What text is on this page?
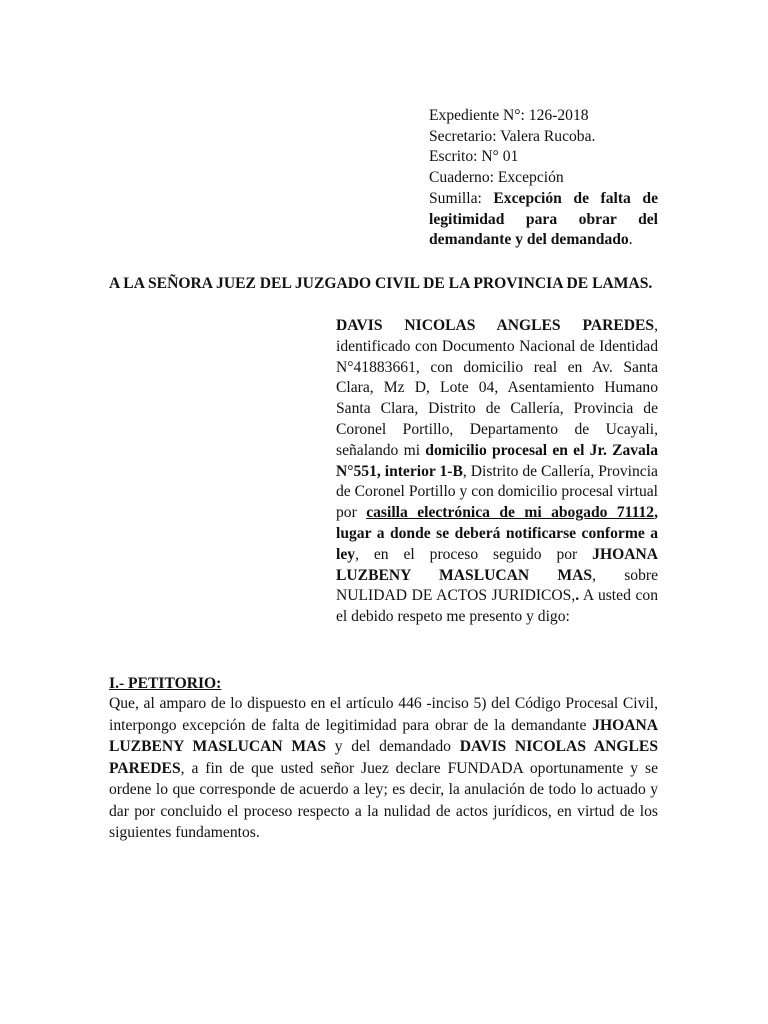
Expediente N°: 126-2018
Secretario: Valera Rucoba.
Escrito: N° 01
Cuaderno: Excepción
Sumilla: Excepción de falta de legitimidad para obrar del demandante y del demandado.
A LA SEÑORA JUEZ DEL JUZGADO CIVIL DE LA PROVINCIA DE LAMAS.
DAVIS NICOLAS ANGLES PAREDES, identificado con Documento Nacional de Identidad N°41883661, con domicilio real en Av. Santa Clara, Mz D, Lote 04, Asentamiento Humano Santa Clara, Distrito de Callería, Provincia de Coronel Portillo, Departamento de Ucayali, señalando mi domicilio procesal en el Jr. Zavala N°551, interior 1-B, Distrito de Callería, Provincia de Coronel Portillo y con domicilio procesal virtual por casilla electrónica de mi abogado 71112, lugar a donde se deberá notificarse conforme a ley, en el proceso seguido por JHOANA LUZBENY MASLUCAN MAS, sobre NULIDAD DE ACTOS JURIDICOS,. A usted con el debido respeto me presento y digo:
I.- PETITORIO:
Que, al amparo de lo dispuesto en el artículo 446 -inciso 5) del Código Procesal Civil, interpongo excepción de falta de legitimidad para obrar de la demandante JHOANA LUZBENY MASLUCAN MAS y del demandado DAVIS NICOLAS ANGLES PAREDES, a fin de que usted señor Juez declare FUNDADA oportunamente y se ordene lo que corresponde de acuerdo a ley; es decir, la anulación de todo lo actuado y dar por concluido el proceso respecto a la nulidad de actos jurídicos, en virtud de los siguientes fundamentos.
